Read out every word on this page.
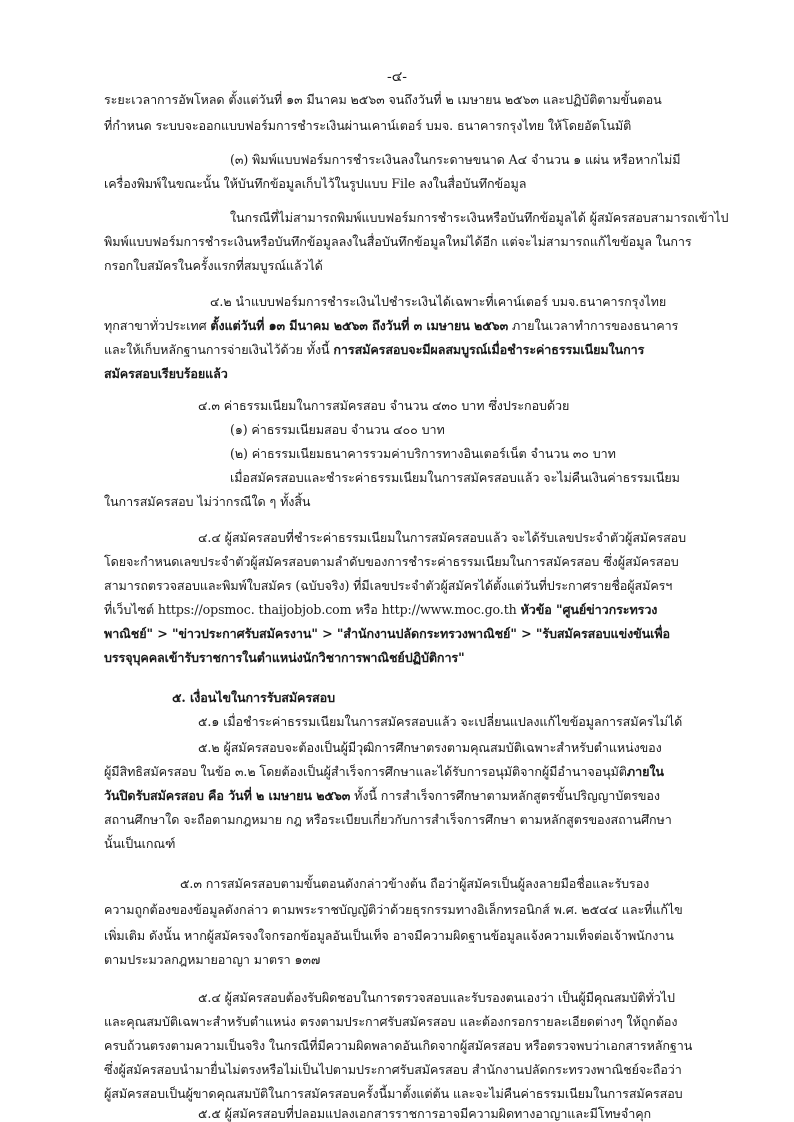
-๔-
ระยะเวลาการอัพโหลด ตั้งแต่วันที่ ๑๓ มีนาคม ๒๕๖๓ จนถึงวันที่ ๒ เมษายน ๒๕๖๓ และปฏิบัติตามขั้นตอน
ที่กำหนด ระบบจะออกแบบฟอร์มการชำระเงินผ่านเคาน์เตอร์ บมจ. ธนาคารกรุงไทย ให้โดยอัตโนมัติ
(๓) พิมพ์แบบฟอร์มการชำระเงินลงในกระดาษขนาด A๔ จำนวน ๑ แผ่น หรือหากไม่มี
เครื่องพิมพ์ในขณะนั้น ให้บันทึกข้อมูลเก็บไว้ในรูปแบบ File ลงในสื่อบันทึกข้อมูล
ในกรณีที่ไม่สามารถพิมพ์แบบฟอร์มการชำระเงินหรือบันทึกข้อมูลได้ ผู้สมัครสอบสามารถเข้าไป
พิมพ์แบบฟอร์มการชำระเงินหรือบันทึกข้อมูลลงในสื่อบันทึกข้อมูลใหม่ได้อีก แต่จะไม่สามารถแก้ไขข้อมูล ในการ
กรอกใบสมัครในครั้งแรกที่สมบูรณ์แล้วได้
๔.๒ นำแบบฟอร์มการชำระเงินไปชำระเงินได้เฉพาะที่เคาน์เตอร์ บมจ.ธนาคารกรุงไทย
ทุกสาขาทั่วประเทศ ตั้งแต่วันที่ ๑๓ มีนาคม ๒๕๖๓ ถึงวันที่ ๓ เมษายน ๒๕๖๓ ภายในเวลาทำการของธนาคาร
และให้เก็บหลักฐานการจ่ายเงินไว้ด้วย ทั้งนี้ การสมัครสอบจะมีผลสมบูรณ์เมื่อชำระค่าธรรมเนียมในการ
สมัครสอบเรียบร้อยแล้ว
๔.๓ ค่าธรรมเนียมในการสมัครสอบ จำนวน ๔๓๐ บาท ซึ่งประกอบด้วย
(๑) ค่าธรรมเนียมสอบ จำนวน ๔๐๐ บาท
(๒) ค่าธรรมเนียมธนาคารรวมค่าบริการทางอินเตอร์เน็ต จำนวน ๓๐ บาท
เมื่อสมัครสอบและชำระค่าธรรมเนียมในการสมัครสอบแล้ว จะไม่คืนเงินค่าธรรมเนียม
ในการสมัครสอบ ไม่ว่ากรณีใด ๆ ทั้งสิ้น
๔.๔ ผู้สมัครสอบที่ชำระค่าธรรมเนียมในการสมัครสอบแล้ว จะได้รับเลขประจำตัวผู้สมัครสอบ
โดยจะกำหนดเลขประจำตัวผู้สมัครสอบตามลำดับของการชำระค่าธรรมเนียมในการสมัครสอบ ซึ่งผู้สมัครสอบ
สามารถตรวจสอบและพิมพ์ใบสมัคร (ฉบับจริง) ที่มีเลขประจำตัวผู้สมัครได้ตั้งแต่วันที่ประกาศรายชื่อผู้สมัครฯ
ที่เว็บไซต์ https://opsmoc. thaijobjob.com หรือ http://www.moc.go.th หัวข้อ "ศูนย์ข่าวกระทรวง
พาณิชย์" > "ข่าวประกาศรับสมัครงาน" > "สำนักงานปลัดกระทรวงพาณิชย์" > "รับสมัครสอบแข่งขันเพื่อ
บรรจุบุคคลเข้ารับราชการในตำแหน่งนักวิชาการพาณิชย์ปฏิบัติการ"
๕. เงื่อนไขในการรับสมัครสอบ
๕.๑ เมื่อชำระค่าธรรมเนียมในการสมัครสอบแล้ว จะเปลี่ยนแปลงแก้ไขข้อมูลการสมัครไม่ได้
๕.๒ ผู้สมัครสอบจะต้องเป็นผู้มีวุฒิการศึกษาตรงตามคุณสมบัติเฉพาะสำหรับตำแหน่งของ
ผู้มีสิทธิสมัครสอบ ในข้อ ๓.๒ โดยต้องเป็นผู้สำเร็จการศึกษาและได้รับการอนุมัติจากผู้มีอำนาจอนุมัติภายใน
วันปิดรับสมัครสอบ คือ วันที่ ๒ เมษายน ๒๕๖๓ ทั้งนี้ การสำเร็จการศึกษาตามหลักสูตรขั้นปริญญาบัตรของ
สถานศึกษาใด จะถือตามกฎหมาย กฎ หรือระเบียบเกี่ยวกับการสำเร็จการศึกษา ตามหลักสูตรของสถานศึกษา
นั้นเป็นเกณฑ์
๕.๓ การสมัครสอบตามขั้นตอนดังกล่าวข้างต้น ถือว่าผู้สมัครเป็นผู้ลงลายมือชื่อและรับรอง
ความถูกต้องของข้อมูลดังกล่าว ตามพระราชบัญญัติว่าด้วยธุรกรรมทางอิเล็กทรอนิกส์ พ.ศ. ๒๕๔๔ และที่แก้ไข
เพิ่มเติม ดังนั้น หากผู้สมัครจงใจกรอกข้อมูลอันเป็นเท็จ อาจมีความผิดฐานข้อมูลแจ้งความเท็จต่อเจ้าพนักงาน
ตามประมวลกฎหมายอาญา มาตรา ๑๓๗
๕.๔ ผู้สมัครสอบต้องรับผิดชอบในการตรวจสอบและรับรองตนเองว่า เป็นผู้มีคุณสมบัติทั่วไป
และคุณสมบัติเฉพาะสำหรับตำแหน่ง ตรงตามประกาศรับสมัครสอบ และต้องกรอกรายละเอียดต่างๆ ให้ถูกต้อง
ครบถ้วนตรงตามความเป็นจริง ในกรณีที่มีความผิดพลาดอันเกิดจากผู้สมัครสอบ หรือตรวจพบว่าเอกสารหลักฐาน
ซึ่งผู้สมัครสอบนำมายื่นไม่ตรงหรือไม่เป็นไปตามประกาศรับสมัครสอบ สำนักงานปลัดกระทรวงพาณิชย์จะถือว่า
ผู้สมัครสอบเป็นผู้ขาดคุณสมบัติในการสมัครสอบครั้งนี้มาตั้งแต่ต้น และจะไม่คืนค่าธรรมเนียมในการสมัครสอบ
๕.๕ ผู้สมัครสอบที่ปลอมแปลงเอกสารราชการอาจมีความผิดทางอาญาและมีโทษจำคุก
